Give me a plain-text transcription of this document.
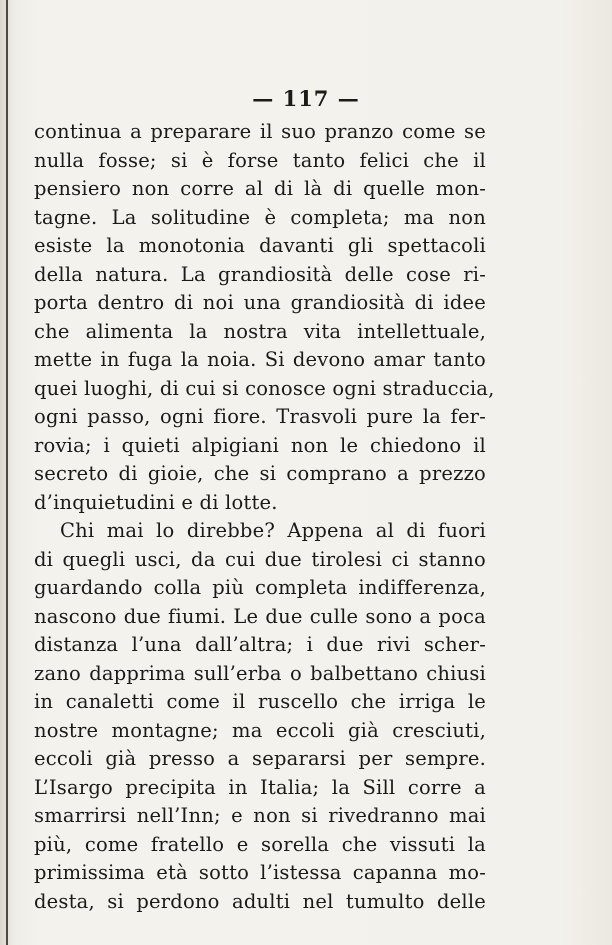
— 117 —
continua a preparare il suo pranzo come se
nulla fosse; si è forse tanto felici che il
pensiero non corre al di là di quelle mon-
tagne. La solitudine è completa; ma non
esiste la monotonia davanti gli spettacoli
della natura. La grandiosità delle cose ri-
porta dentro di noi una grandiosità di idee
che alimenta la nostra vita intellettuale,
mette in fuga la noia. Si devono amar tanto
quei luoghi, di cui si conosce ogni straduccia,
ogni passo, ogni fiore. Trasvoli pure la fer-
rovia; i quieti alpigiani non le chiedono il
secreto di gioie, che si comprano a prezzo
d’inquietudini e di lotte.
Chi mai lo direbbe? Appena al di fuori
di quegli usci, da cui due tirolesi ci stanno
guardando colla più completa indifferenza,
nascono due fiumi. Le due culle sono a poca
distanza l’una dall’altra; i due rivi scher-
zano dapprima sull’erba o balbettano chiusi
in canaletti come il ruscello che irriga le
nostre montagne; ma eccoli già cresciuti,
eccoli già presso a separarsi per sempre.
L’Isargo precipita in Italia; la Sill corre a
smarrirsi nell’Inn; e non si rivedranno mai
più, come fratello e sorella che vissuti la
primissima età sotto l’istessa capanna mo-
desta, si perdono adulti nel tumulto delle
